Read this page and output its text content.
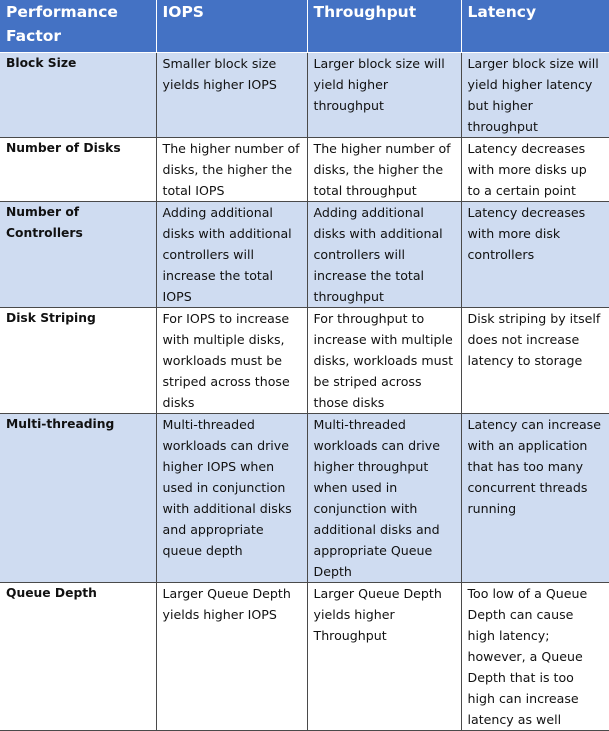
Performance Factor	IOPS	Throughput	Latency
Block Size	Smaller block size yields higher IOPS	Larger block size will yield higher throughput	Larger block size will yield higher latency but higher throughput
Number of Disks	The higher number of disks, the higher the total IOPS	The higher number of disks, the higher the total throughput	Latency decreases with more disks up to a certain point
Number of Controllers	Adding additional disks with additional controllers will increase the total IOPS	Adding additional disks with additional controllers will increase the total throughput	Latency decreases with more disk controllers
Disk Striping	For IOPS to increase with multiple disks, workloads must be striped across those disks	For throughput to increase with multiple disks, workloads must be striped across those disks	Disk striping by itself does not increase latency to storage
Multi-threading	Multi-threaded workloads can drive higher IOPS when used in conjunction with additional disks and appropriate queue depth	Multi-threaded workloads can drive higher throughput when used in conjunction with additional disks and appropriate Queue Depth	Latency can increase with an application that has too many concurrent threads running
Queue Depth	Larger Queue Depth yields higher IOPS	Larger Queue Depth yields higher Throughput	Too low of a Queue Depth can cause high latency; however, a Queue Depth that is too high can increase latency as well
